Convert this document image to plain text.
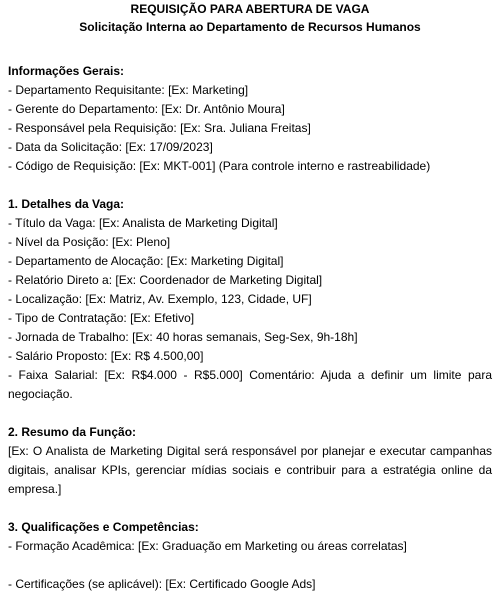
REQUISIÇÃO PARA ABERTURA DE VAGA
Solicitação Interna ao Departamento de Recursos Humanos
Informações Gerais:
- Departamento Requisitante: [Ex: Marketing]
- Gerente do Departamento: [Ex: Dr. Antônio Moura]
- Responsável pela Requisição: [Ex: Sra. Juliana Freitas]
- Data da Solicitação: [Ex: 17/09/2023]
- Código de Requisição: [Ex: MKT-001] (Para controle interno e rastreabilidade)
1. Detalhes da Vaga:
- Título da Vaga: [Ex: Analista de Marketing Digital]
- Nível da Posição: [Ex: Pleno]
- Departamento de Alocação: [Ex: Marketing Digital]
- Relatório Direto a: [Ex: Coordenador de Marketing Digital]
- Localização: [Ex: Matriz, Av. Exemplo, 123, Cidade, UF]
- Tipo de Contratação: [Ex: Efetivo]
- Jornada de Trabalho: [Ex: 40 horas semanais, Seg-Sex, 9h-18h]
- Salário Proposto: [Ex: R$ 4.500,00]
- Faixa Salarial: [Ex: R$4.000 - R$5.000] Comentário: Ajuda a definir um limite para negociação.
2. Resumo da Função:
[Ex: O Analista de Marketing Digital será responsável por planejar e executar campanhas digitais, analisar KPIs, gerenciar mídias sociais e contribuir para a estratégia online da empresa.]
3. Qualificações e Competências:
- Formação Acadêmica: [Ex: Graduação em Marketing ou áreas correlatas]
- Certificações (se aplicável): [Ex: Certificado Google Ads]
